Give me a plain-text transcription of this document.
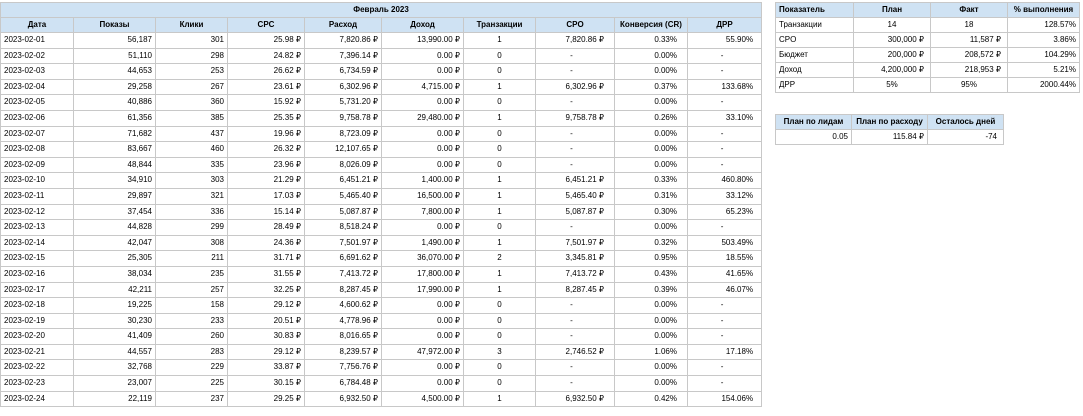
Февраль 2023									
Дата	Показы	Клики	CPC	Расход	Доход	Транзакции	CPO	Конверсия (CR)	ДРР
2023-02-01	56,187	301	25.98 ₽	7,820.86 ₽	13,990.00 ₽	1	7,820.86 ₽	0.33%	55.90%
2023-02-02	51,110	298	24.82 ₽	7,396.14 ₽	0.00 ₽	0	-	0.00%	-
2023-02-03	44,653	253	26.62 ₽	6,734.59 ₽	0.00 ₽	0	-	0.00%	-
2023-02-04	29,258	267	23.61 ₽	6,302.96 ₽	4,715.00 ₽	1	6,302.96 ₽	0.37%	133.68%
2023-02-05	40,886	360	15.92 ₽	5,731.20 ₽	0.00 ₽	0	-	0.00%	-
2023-02-06	61,356	385	25.35 ₽	9,758.78 ₽	29,480.00 ₽	1	9,758.78 ₽	0.26%	33.10%
2023-02-07	71,682	437	19.96 ₽	8,723.09 ₽	0.00 ₽	0	-	0.00%	-
2023-02-08	83,667	460	26.32 ₽	12,107.65 ₽	0.00 ₽	0	-	0.00%	-
2023-02-09	48,844	335	23.96 ₽	8,026.09 ₽	0.00 ₽	0	-	0.00%	-
2023-02-10	34,910	303	21.29 ₽	6,451.21 ₽	1,400.00 ₽	1	6,451.21 ₽	0.33%	460.80%
2023-02-11	29,897	321	17.03 ₽	5,465.40 ₽	16,500.00 ₽	1	5,465.40 ₽	0.31%	33.12%
2023-02-12	37,454	336	15.14 ₽	5,087.87 ₽	7,800.00 ₽	1	5,087.87 ₽	0.30%	65.23%
2023-02-13	44,828	299	28.49 ₽	8,518.24 ₽	0.00 ₽	0	-	0.00%	-
2023-02-14	42,047	308	24.36 ₽	7,501.97 ₽	1,490.00 ₽	1	7,501.97 ₽	0.32%	503.49%
2023-02-15	25,305	211	31.71 ₽	6,691.62 ₽	36,070.00 ₽	2	3,345.81 ₽	0.95%	18.55%
2023-02-16	38,034	235	31.55 ₽	7,413.72 ₽	17,800.00 ₽	1	7,413.72 ₽	0.43%	41.65%
2023-02-17	42,211	257	32.25 ₽	8,287.45 ₽	17,990.00 ₽	1	8,287.45 ₽	0.39%	46.07%
2023-02-18	19,225	158	29.12 ₽	4,600.62 ₽	0.00 ₽	0	-	0.00%	-
2023-02-19	30,230	233	20.51 ₽	4,778.96 ₽	0.00 ₽	0	-	0.00%	-
2023-02-20	41,409	260	30.83 ₽	8,016.65 ₽	0.00 ₽	0	-	0.00%	-
2023-02-21	44,557	283	29.12 ₽	8,239.57 ₽	47,972.00 ₽	3	2,746.52 ₽	1.06%	17.18%
2023-02-22	32,768	229	33.87 ₽	7,756.76 ₽	0.00 ₽	0	-	0.00%	-
2023-02-23	23,007	225	30.15 ₽	6,784.48 ₽	0.00 ₽	0	-	0.00%	-
2023-02-24	22,119	237	29.25 ₽	6,932.50 ₽	4,500.00 ₽	1	6,932.50 ₽	0.42%	154.06%
Показатель	План	Факт	% выполнения
Транзакции	14	18	128.57%
CPO	300,000 ₽	11,587 ₽	3.86%
Бюджет	200,000 ₽	208,572 ₽	104.29%
Доход	4,200,000 ₽	218,953 ₽	5.21%
ДРР	5%	95%	2000.44%
План по лидам	План по расходу	Осталось дней
0.05	115.84 ₽	-74
